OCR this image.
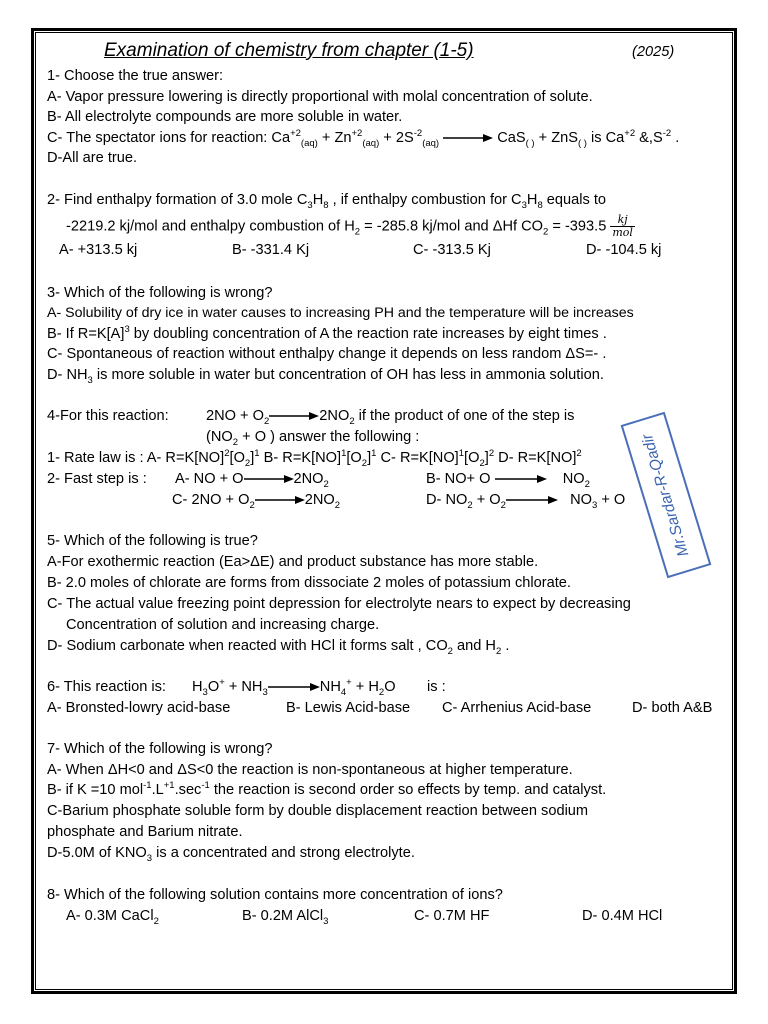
Examination of chemistry from chapter (1-5)	(2025)
1- Choose the true answer:
A- Vapor pressure lowering is directly proportional with molal concentration of solute.
B- All electrolyte compounds are more soluble in water.
C- The spectator ions for reaction: $Ca^{+2}_{(aq)} + Zn^{+2}_{(aq)} + 2S^{-2}_{(aq)} \to CaS_{( )} + ZnS_{( )}$ is $Ca^{+2}$ $\&,S^{-2}$ .
D-All are true.
2- Find enthalpy formation of 3.0 mole $C_3H_8$ , if enthalpy combustion for $C_3H_8$ equals to
-2219.2 kj/mol and enthalpy combustion of $H_2 = -285.8$ kj/mol and ΔHf $CO_2 = -393.5 \frac{kj}{\text{mol}}$
A- +313.5 kj	B- -331.4 Kj	C- -313.5 Kj	D- -104.5 kj
3- Which of the following is wrong?
A- Solubility of dry ice in water causes to increasing PH and the temperature will be increases
B- If $R=K[A]^3$ by doubling concentration of A the reaction rate increases by eight times .
C- Spontaneous of reaction without enthalpy change it depends on less random ΔS=- .
D- $NH_3$ is more soluble in water but concentration of OH has less in ammonia solution.
4-For this reaction:	$2NO + O_2\to 2NO_2$ if the product of one of the step is
($NO_2 + O$ ) answer the following :
1- Rate law is : A- $R=K[NO]^2[O_2]^1$ B- $R=K[NO]^1[O_2]^1$ C- $R=K[NO]^1[O_2]^2$ D- R=K[NO]$^2$
2- Fast step is : A- NO + $O\to 2NO_2$	B- $NO+ O \to NO_2$
C- $2NO + O_2\to 2NO_2$	D- $NO_2 + O_2\to NO_3 + O$
5- Which of the following is true?
A-For exothermic reaction (Ea>ΔE) and product substance has more stable.
B- 2.0 moles of chlorate are forms from dissociate 2 moles of potassium chlorate.
C- The actual value freezing point depression for electrolyte nears to expect by decreasing
Concentration of solution and increasing charge.
D- Sodium carbonate when reacted with HCl it forms salt , $CO_2$ and $H_2$ .
6- This reaction is: $H_3O^+ + NH_3\to NH_4^+ + H_2O$ is :
A- Bronsted-lowry acid-base	B- Lewis Acid-base C- Arrhenius Acid-base	D- both A&B
7- Which of the following is wrong?
A- When ΔH<0 and ΔS<0 the reaction is non-spontaneous at higher temperature.
B- if K =10 $mol^{-1}.L^{+1}.\sec^{-1}$ the reaction is second order so effects by temp. and catalyst.
C-Barium phosphate soluble form by double displacement reaction between sodium
phosphate and Barium nitrate.
D-5.0M of $KNO_3$ is a concentrated and strong electrolyte.
8- Which of the following solution contains more concentration of ions?
A- 0.3M CaCl$_2$	B- 0.2M AlCl$_3$	C- 0.7M HF	D- 0.4M HCl
Mr.Sardar-R-Qadir
